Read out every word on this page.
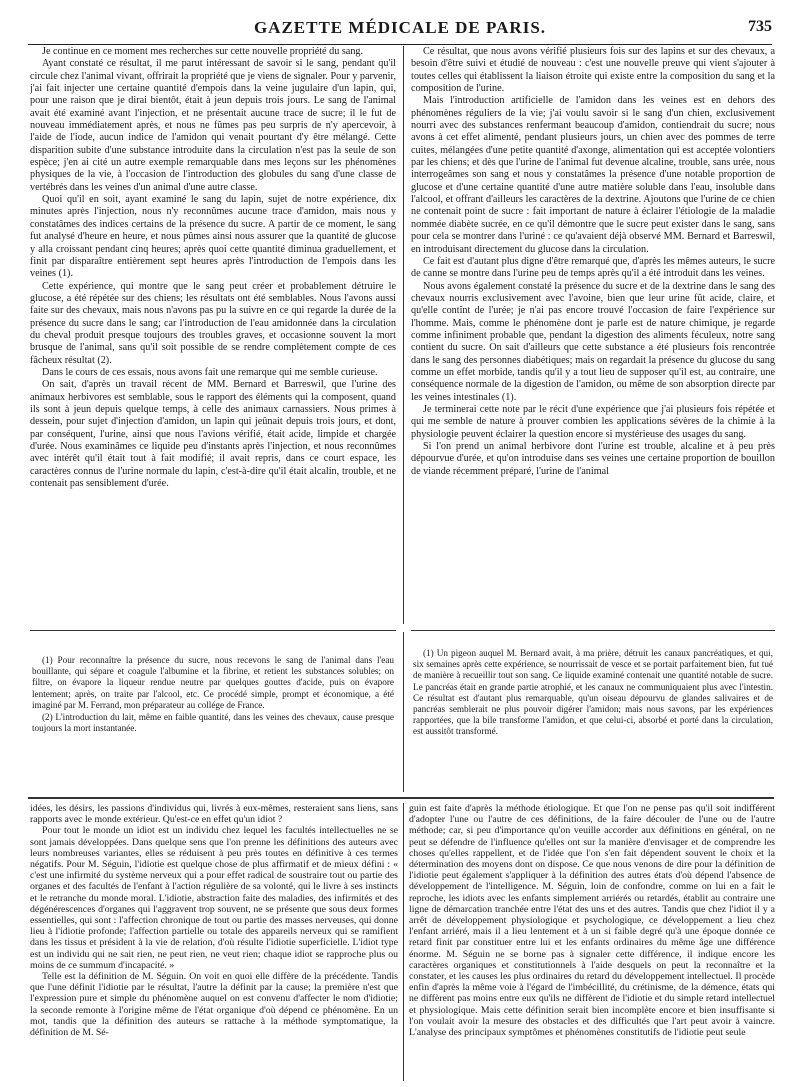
GAZETTE MÉDICALE DE PARIS.	735

Je continue en ce moment mes recherches sur cette nouvelle propriété du sang.

Ayant constaté ce résultat, il me parut intéressant de savoir si le sang, pendant qu'il circule chez l'animal vivant, offrirait la propriété que je viens de signaler. Pour y parvenir, j'ai fait injecter une certaine quantité d'empois dans la veine jugulaire d'un lapin, qui, pour une raison que je dirai bientôt, était à jeun depuis trois jours. Le sang de l'animal avait été examiné avant l'injection, et ne présentait aucune trace de sucre; il le fut de nouveau immédiatement après, et nous ne fûmes pas peu surpris de n'y apercevoir, à l'aide de l'iode, aucun indice de l'amidon qui venait pourtant d'y être mélangé. Cette disparition subite d'une substance introduite dans la circulation n'est pas la seule de son espèce; j'en ai cité un autre exemple remarquable dans mes leçons sur les phénomènes physiques de la vie, à l'occasion de l'introduction des globules du sang d'une classe de vertébrés dans les veines d'un animal d'une autre classe.

Quoi qu'il en soit, ayant examiné le sang du lapin, sujet de notre expérience, dix minutes après l'injection, nous n'y reconnûmes aucune trace d'amidon, mais nous y constatâmes des indices certains de la présence du sucre. A partir de ce moment, le sang fut analysé d'heure en heure, et nous pûmes ainsi nous assurer que la quantité de glucose y alla croissant pendant cinq heures; après quoi cette quantité diminua graduellement, et finit par disparaître entièrement sept heures après l'introduction de l'empois dans les veines (1).

Cette expérience, qui montre que le sang peut créer et probablement détruire le glucose, a été répétée sur des chiens; les résultats ont été semblables. Nous l'avons aussi faite sur des chevaux, mais nous n'avons pas pu la suivre en ce qui regarde la durée de la présence du sucre dans le sang; car l'introduction de l'eau amidonnée dans la circulation du cheval produit presque toujours des troubles graves, et occasionne souvent la mort brusque de l'animal, sans qu'il soit possible de se rendre complètement compte de ces fâcheux résultat (2).

Dans le cours de ces essais, nous avons fait une remarque qui me semble curieuse.

On sait, d'après un travail récent de MM. Bernard et Barreswil, que l'urine des animaux herbivores est semblable, sous le rapport des éléments qui la composent, quand ils sont à jeun depuis quelque temps, à celle des animaux carnassiers. Nous primes à dessein, pour sujet d'injection d'amidon, un lapin qui jeûnait depuis trois jours, et dont, par conséquent, l'urine, ainsi que nous l'avions vérifié, était acide, limpide et chargée d'urée. Nous examinâmes ce liquide peu d'instants après l'injection, et nous reconnûmes avec intérêt qu'il était tout à fait modifié; il avait repris, dans ce court espace, les caractères connus de l'urine normale du lapin, c'est-à-dire qu'il était alcalin, trouble, et ne contenait pas sensiblement d'urée.

Ce résultat, que nous avons vérifié plusieurs fois sur des lapins et sur des chevaux, a besoin d'être suivi et étudié de nouveau : c'est une nouvelle preuve qui vient s'ajouter à toutes celles qui établissent la liaison étroite qui existe entre la composition du sang et la composition de l'urine.

Mais l'introduction artificielle de l'amidon dans les veines est en dehors des phénomènes réguliers de la vie; j'ai voulu savoir si le sang d'un chien, exclusivement nourri avec des substances renfermant beaucoup d'amidon, contiendrait du sucre; nous avons à cet effet alimenté, pendant plusieurs jours, un chien avec des pommes de terre cuites, mélangées d'une petite quantité d'axonge, alimentation qui est acceptée volontiers par les chiens; et dès que l'urine de l'animal fut devenue alcaline, trouble, sans urée, nous interrogeâmes son sang et nous y constatâmes la présence d'une notable proportion de glucose et d'une certaine quantité d'une autre matière soluble dans l'eau, insoluble dans l'alcool, et offrant d'ailleurs les caractères de la dextrine. Ajoutons que l'urine de ce chien ne contenait point de sucre : fait important de nature à éclairer l'étiologie de la maladie nommée diabète sucrée, en ce qu'il démontre que le sucre peut exister dans le sang, sans pour cela se montrer dans l'uriné : ce qu'avaient déjà observé MM. Bernard et Barreswil, en introduisant directement du glucose dans la circulation.

Ce fait est d'autant plus digne d'être remarqué que, d'après les mêmes auteurs, le sucre de canne se montre dans l'urine peu de temps après qu'il a été introduit dans les veines.

Nous avons également constaté la présence du sucre et de la dextrine dans le sang des chevaux nourris exclusivement avec l'avoine, bien que leur urine fût acide, claire, et qu'elle contînt de l'urée; je n'ai pas encore trouvé l'occasion de faire l'expérience sur l'homme. Mais, comme le phénomène dont je parle est de nature chimique, je regarde comme infiniment probable que, pendant la digestion des aliments féculeux, notre sang contient du sucre. On sait d'ailleurs que cette substance a été plusieurs fois rencontrée dans le sang des personnes diabétiques; mais on regardait la présence du glucose du sang comme un effet morbide, tandis qu'il y a tout lieu de supposer qu'il est, au contraire, une conséquence normale de la digestion de l'amidon, ou même de son absorption directe par les veines intestinales (1).

Je terminerai cette note par le récit d'une expérience que j'ai plusieurs fois répétée et qui me semble de nature à prouver combien les applications sévères de la chimie à la physiologie peuvent éclairer la question encore si mystérieuse des usages du sang.

Si l'on prend un animal herbivore dont l'urine est trouble, alcaline et à peu près dépourvue d'urée, et qu'on introduise dans ses veines une certaine proportion de bouillon de viande récemment préparé, l'urine de l'animal

(1) Pour reconnaître la présence du sucre, nous recevons le sang de l'animal dans l'eau bouillante, qui sépare et coagule l'albumine et la fibrine, et retient les substances solubles; on filtre, on évapore la liqueur rendue neutre par quelques gouttes d'acide, puis on évapore lentement; après, on traite par l'alcool, etc. Ce procédé simple, prompt et économique, a été imaginé par M. Ferrand, mon préparateur au collége de France.

(2) L'introduction du lait, même en faible quantité, dans les veines des chevaux, cause presque toujours la mort instantanée.

(1) Un pigeon auquel M. Bernard avait, à ma prière, détruit les canaux pancréatiques, et qui, six semaines après cette expérience, se nourrissait de vesce et se portait parfaitement bien, fut tué de manière à recueillir tout son sang. Ce liquide examiné contenait une quantité notable de sucre. Le pancréas était en grande partie atrophié, et les canaux ne communiquaient plus avec l'intestin. Ce résultat est d'autant plus remarquable, qu'un oiseau dépourvu de glandes salivaires et de pancréas semblerait ne plus pouvoir digérer l'amidon; mais nous savons, par les expériences rapportées, que la bile transforme l'amidon, et que celui-ci, absorbé et porté dans la circulation, est aussitôt transformé.

idées, les désirs, les passions d'individus qui, livrés à eux-mêmes, resteraient sans liens, sans rapports avec le monde extérieur. Qu'est-ce en effet qu'un idiot ?

Pour tout le monde un idiot est un individu chez lequel les facultés intellectuelles ne se sont jamais développées. Dans quelque sens que l'on prenne les définitions des auteurs avec leurs nombreuses variantes, elles se réduisent à peu près toutes en définitive à ces termes négatifs. Pour M. Séguin, l'idiotie est quelque chose de plus affirmatif et de mieux défini : « c'est une infirmité du système nerveux qui a pour effet radical de soustraire tout ou partie des organes et des facultés de l'enfant à l'action régulière de sa volonté, qui le livre à ses instincts et le retranche du monde moral. L'idiotie, abstraction faite des maladies, des infirmités et des dégénérescences d'organes qui l'aggravent trop souvent, ne se présente que sous deux formes essentielles, qui sont : l'affection chronique de tout ou partie des masses nerveuses, qui donne lieu à l'idiotie profonde; l'affection partielle ou totale des appareils nerveux qui se ramifient dans les tissus et président à la vie de relation, d'où résulte l'idiotie superficielle. L'idiot type est un individu qui ne sait rien, ne peut rien, ne veut rien; chaque idiot se rapproche plus ou moins de ce summum d'incapacité. »

Telle est la définition de M. Séguin. On voit en quoi elle diffère de la précédente. Tandis que l'une définit l'idiotie par le résultat, l'autre la définit par la cause; la première n'est que l'expression pure et simple du phénomène auquel on est convenu d'affecter le nom d'idiotie; la seconde remonte à l'origine même de l'état organique d'où dépend ce phénomène. En un mot, tandis que la définition des auteurs se rattache à la méthode symptomatique, la définition de M. Sé-

guin est faite d'après la méthode étiologique. Et que l'on ne pense pas qu'il soit indifférent d'adopter l'une ou l'autre de ces définitions, de la faire découler de l'une ou de l'autre méthode; car, si peu d'importance qu'on veuille accorder aux définitions en général, on ne peut se défendre de l'influence qu'elles ont sur la manière d'envisager et de comprendre les choses qu'elles rappellent, et de l'idée que l'on s'en fait dépendent souvent le choix et la détermination des moyens dont on dispose. Ce que nous venons de dire pour la définition de l'idiotie peut également s'appliquer à la définition des autres états d'où dépend l'absence de développement de l'intelligence. M. Séguin, loin de confondre, comme on lui en a fait le reproche, les idiots avec les enfants simplement arriérés ou retardés, établit au contraire une ligne de démarcation tranchée entre l'état des uns et des autres. Tandis que chez l'idiot il y a arrêt de développement physiologique et psychologique, ce développement a lieu chez l'enfant arriéré, mais il a lieu lentement et à un si faible degré qu'à une époque donnée ce retard finit par constituer entre lui et les enfants ordinaires du même âge une différence énorme. M. Séguin ne se borne pas à signaler cette différence, il indique encore les caractères organiques et constitutionnels à l'aide desquels on peut la reconnaître et la constater, et les causes les plus ordinaires du retard du développement intellectuel. Il procède enfin d'après la même voie à l'égard de l'imbécillité, du crétinisme, de la démence, états qui ne diffèrent pas moins entre eux qu'ils ne diffèrent de l'idiotie et du simple retard intellectuel et physiologique. Mais cette définition serait bien incomplète encore et bien insuffisante si l'on voulait avoir la mesure des obstacles et des difficultés que l'art peut avoir à vaincre. L'analyse des principaux symptômes et phénomènes constitutifs de l'idiotie peut seule
